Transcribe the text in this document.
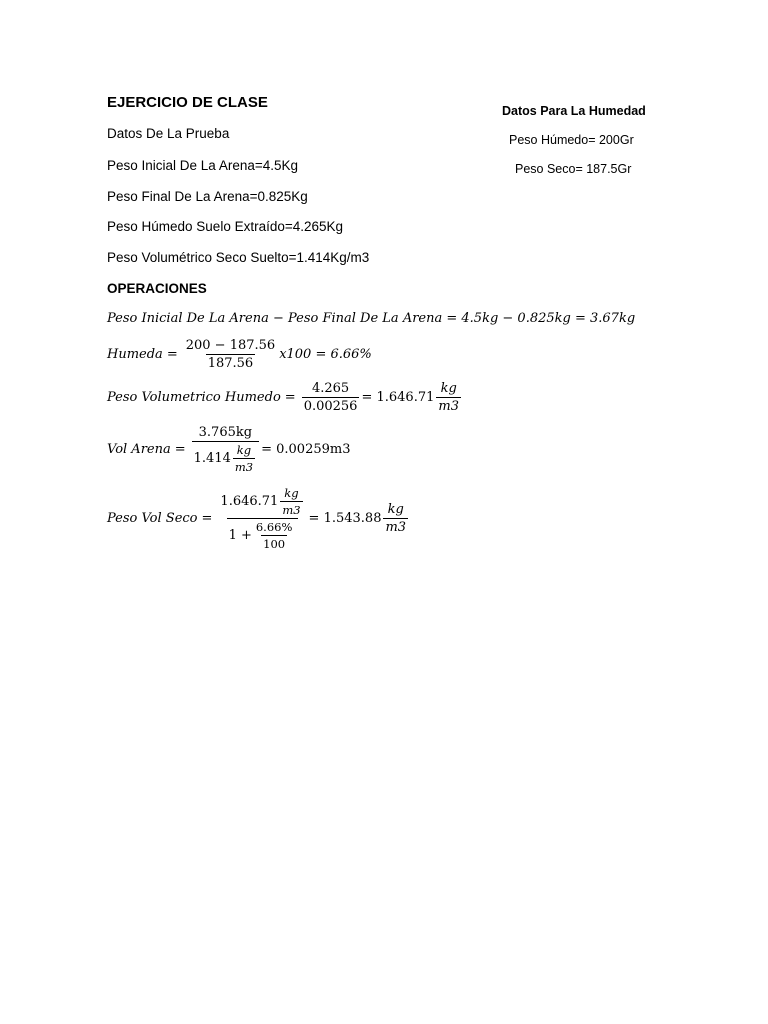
EJERCICIO DE CLASE	Datos Para La Humedad
Peso Húmedo= 200Gr
Peso Seco= 187.5Gr
Datos De La Prueba
Peso Inicial De La Arena=4.5Kg
Peso Final De La Arena=0.825Kg
Peso Húmedo Suelo Extraído=4.265Kg
Peso Volumétrico Seco Suelto=1.414Kg/m3
OPERACIONES
Peso Inicial De La Arena − Peso Final De La Arena = 4.5kg − 0.825kg = 3.67kg
Humeda = $\frac{200 - 187.56}{187.56} x100 = 6.66\%$
Peso Volumetrico Humedo = $\frac{4.265}{0.00256} = 1.646.71 \frac{kg}{m3}$
Vol Arena = $\frac{3.765kg}{1.414 \frac{kg}{m3}} = 0.00259m3$
Peso Vol Seco = $\frac{1.646.71 \frac{kg}{m3}}{1 + \frac{6.66\%}{100}} = 1.543.88 \frac{kg}{m3}$
